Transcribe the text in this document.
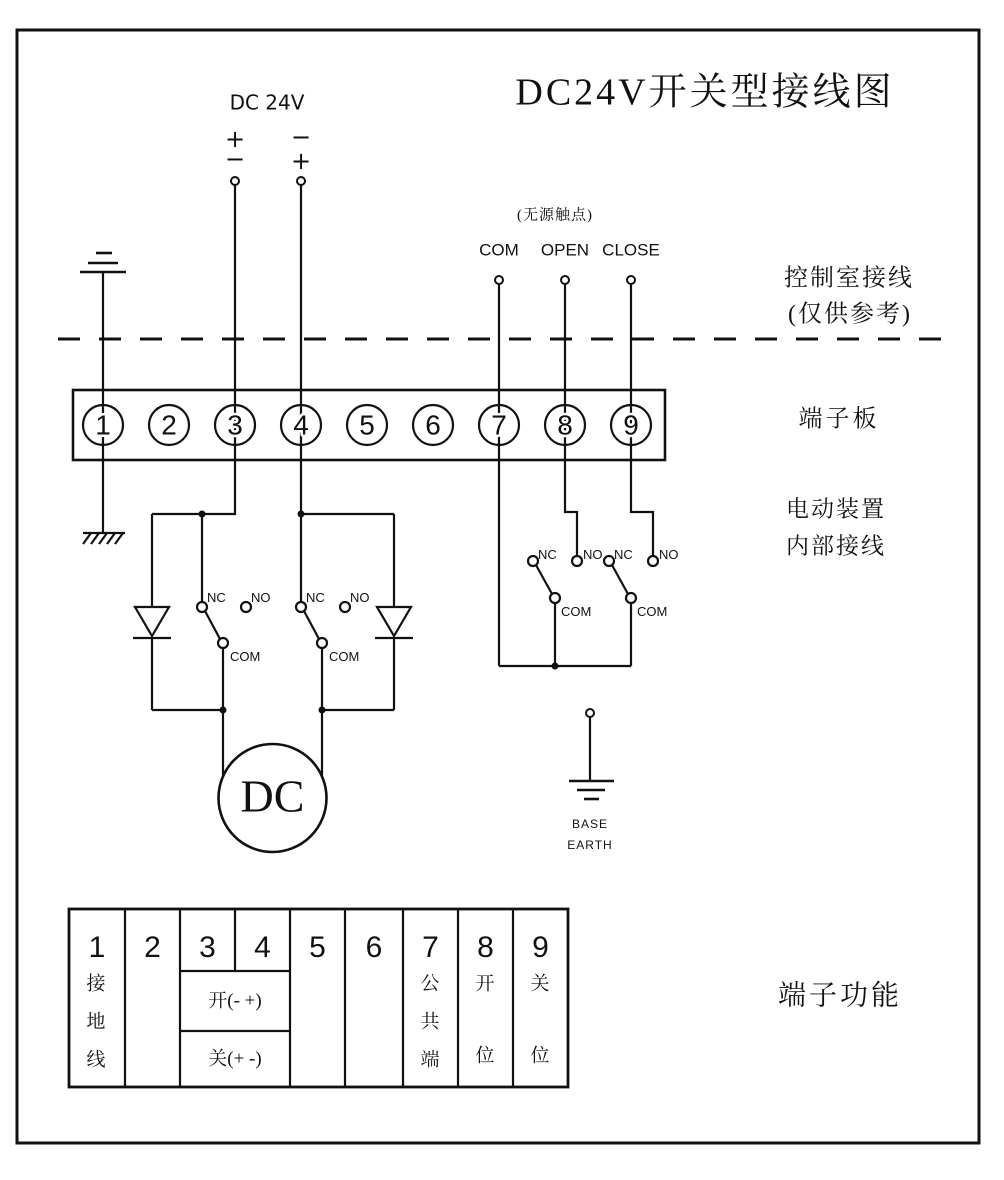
DC24V开关型接线图
DC 24V
+
−
−
+
(无源触点)
COM OPEN CLOSE
控制室接线
(仅供参考)
端子板
电动装置
内部接线
端子功能
1 2 3 4 5 6 7 8 9
NC NO
COM
NC NO
COM
NC NO
COM
NC NO
COM
DC
BASE
EARTH
1 2 3 4 5 6 7 8 9
接
地
线
开(- +)
关(+ -)
公
共
端
开
位
关
位
